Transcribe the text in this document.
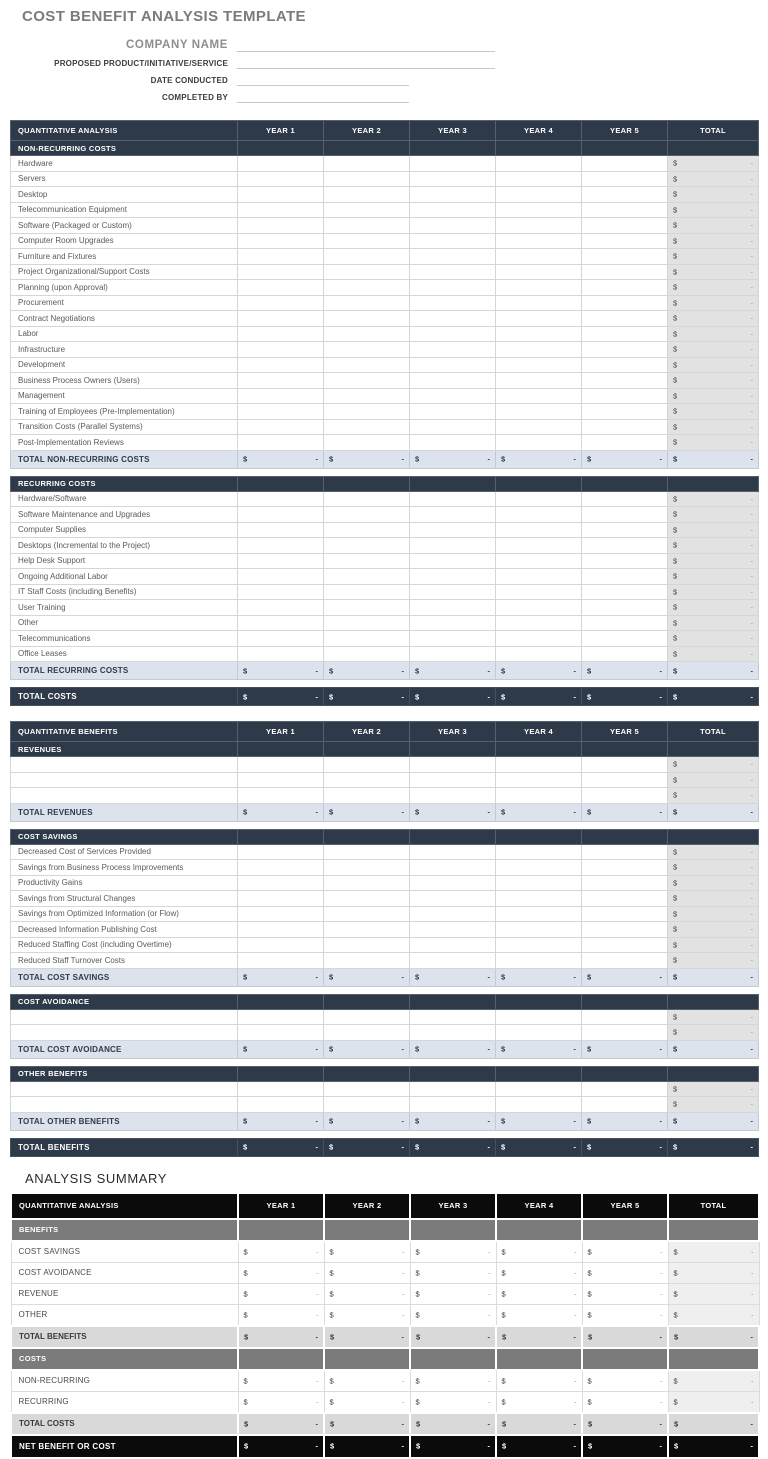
COST BENEFIT ANALYSIS TEMPLATE
COMPANY NAME
PROPOSED PRODUCT/INITIATIVE/SERVICE
DATE CONDUCTED
COMPLETED BY
QUANTITATIVE ANALYSIS	YEAR 1	YEAR 2	YEAR 3	YEAR 4	YEAR 5	TOTAL
NON-RECURRING COSTS						
Hardware						$ -

Servers						$ -

Desktop						$ -

Telecommunication Equipment						$ -

Software (Packaged or Custom)						$ -

Computer Room Upgrades						$ -

Furniture and Fixtures						$ -

Project Organizational/Support Costs						$ -

Planning (upon Approval)						$ -

Procurement						$ -

Contract Negotiations						$ -

Labor						$ -

Infrastructure						$ -

Development						$ -

Business Process Owners (Users)						$ -

Management						$ -

Training of Employees (Pre-Implementation)						$ -

Transition Costs (Parallel Systems)						$ -

Post-Implementation Reviews						$ -

TOTAL NON-RECURRING COSTS	$ -	$ -	$ -	$ -	$ -	$ -
RECURRING COSTS						
Hardware/Software						$ -

Software Maintenance and Upgrades						$ -

Computer Supplies						$ -

Desktops (Incremental to the Project)						$ -

Help Desk Support						$ -

Ongoing Additional Labor						$ -

IT Staff Costs (including Benefits)						$ -

User Training						$ -

Other						$ -

Telecommunications						$ -

Office Leases						$ -

TOTAL RECURRING COSTS	$ -	$ -	$ -	$ -	$ -	$ -
TOTAL COSTS	$	-	$	-	$	-	$	-	$	-	$	-
QUANTITATIVE BENEFITS	YEAR 1	YEAR 2	YEAR 3	YEAR 4	YEAR 5	TOTAL
REVENUES						

						$ -

						$ -

						$ -

TOTAL REVENUES	$ -	$ -	$ -	$ -	$ -	$ -
COST SAVINGS						
Decreased Cost of Services Provided						$ -

Savings from Business Process Improvements						$ -

Productivity Gains						$ -

Savings from Structural Changes						$ -

Savings from Optimized Information (or Flow)						$ -

Decreased Information Publishing Cost						$ -

Reduced Staffing Cost (including Overtime)						$ -

Reduced Staff Turnover Costs						$ -

TOTAL COST SAVINGS	$ -	$ -	$ -	$ -	$ -	$ -
COST AVOIDANCE						

						$ -

						$ -

TOTAL COST AVOIDANCE	$ -	$ -	$ -	$ -	$ -	$ -
OTHER BENEFITS						

						$ -

						$ -

TOTAL OTHER BENEFITS	$ -	$ -	$ -	$ -	$ -	$ -
TOTAL BENEFITS	$	-	$	-	$	-	$	-	$	-	$	-
ANALYSIS SUMMARY
QUANTITATIVE ANALYSIS	YEAR 1	YEAR 2	YEAR 3	YEAR 4	YEAR 5	TOTAL
BENEFITS						
COST SAVINGS	$ -	$ -	$ -	$ -	$ -	$ -

COST AVOIDANCE	$ -	$ -	$ -	$ -	$ -	$ -

REVENUE	$ -	$ -	$ -	$ -	$ -	$ -

OTHER	$ -	$ -	$ -	$ -	$ -	$ -

TOTAL BENEFITS	$ -	$ -	$ -	$ -	$ -	$ -

COSTS						
NON-RECURRING	$ -	$ -	$ -	$ -	$ -	$ -

RECURRING	$ -	$ -	$ -	$ -	$ -	$ -

TOTAL COSTS	$ -	$ -	$ -	$ -	$ -	$ -

NET BENEFIT OR COST	$ -	$ -	$ -	$ -	$ -	$ -
